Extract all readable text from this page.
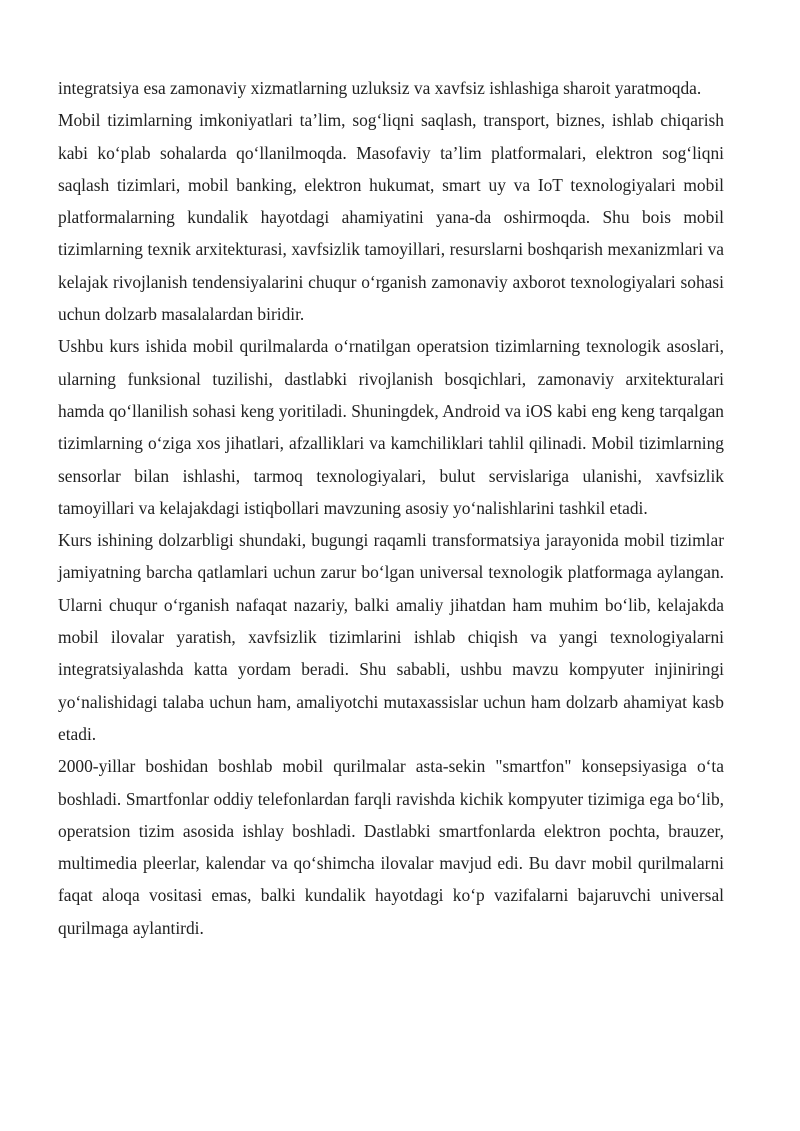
integratsiya esa zamonaviy xizmatlarning uzluksiz va xavfsiz ishlashiga sharoit yaratmoqda.

Mobil tizimlarning imkoniyatlari ta’lim, sog‘liqni saqlash, transport, biznes, ishlab chiqarish kabi ko‘plab sohalarda qo‘llanilmoqda. Masofaviy ta’lim platformalari, elektron sog‘liqni saqlash tizimlari, mobil banking, elektron hukumat, smart uy va IoT texnologiyalari mobil platformalarning kundalik hayotdagi ahamiyatini yana-da oshirmoqda. Shu bois mobil tizimlarning texnik arxitekturasi, xavfsizlik tamoyillari, resurslarni boshqarish mexanizmlari va kelajak rivojlanish tendensiyalarini chuqur o‘rganish zamonaviy axborot texnologiyalari sohasi uchun dolzarb masalalardan biridir.

Ushbu kurs ishida mobil qurilmalarda o‘rnatilgan operatsion tizimlarning texnologik asoslari, ularning funksional tuzilishi, dastlabki rivojlanish bosqichlari, zamonaviy arxitekturalari hamda qo‘llanilish sohasi keng yoritiladi. Shuningdek, Android va iOS kabi eng keng tarqalgan tizimlarning o‘ziga xos jihatlari, afzalliklari va kamchiliklari tahlil qilinadi. Mobil tizimlarning sensorlar bilan ishlashi, tarmoq texnologiyalari, bulut servislariga ulanishi, xavfsizlik tamoyillari va kelajakdagi istiqbollari mavzuning asosiy yo‘nalishlarini tashkil etadi.

Kurs ishining dolzarbligi shundaki, bugungi raqamli transformatsiya jarayonida mobil tizimlar jamiyatning barcha qatlamlari uchun zarur bo‘lgan universal texnologik platformaga aylangan. Ularni chuqur o‘rganish nafaqat nazariy, balki amaliy jihatdan ham muhim bo‘lib, kelajakda mobil ilovalar yaratish, xavfsizlik tizimlarini ishlab chiqish va yangi texnologiyalarni integratsiyalashda katta yordam beradi. Shu sababli, ushbu mavzu kompyuter injiniringi yo‘nalishidagi talaba uchun ham, amaliyotchi mutaxassislar uchun ham dolzarb ahamiyat kasb etadi.

2000-yillar boshidan boshlab mobil qurilmalar asta-sekin "smartfon" konsepsiyasiga o‘ta boshladi. Smartfonlar oddiy telefonlardan farqli ravishda kichik kompyuter tizimiga ega bo‘lib, operatsion tizim asosida ishlay boshladi. Dastlabki smartfonlarda elektron pochta, brauzer, multimedia pleerlar, kalendar va qo‘shimcha ilovalar mavjud edi. Bu davr mobil qurilmalarni faqat aloqa vositasi emas, balki kundalik hayotdagi ko‘p vazifalarni bajaruvchi universal qurilmaga aylantirdi.
